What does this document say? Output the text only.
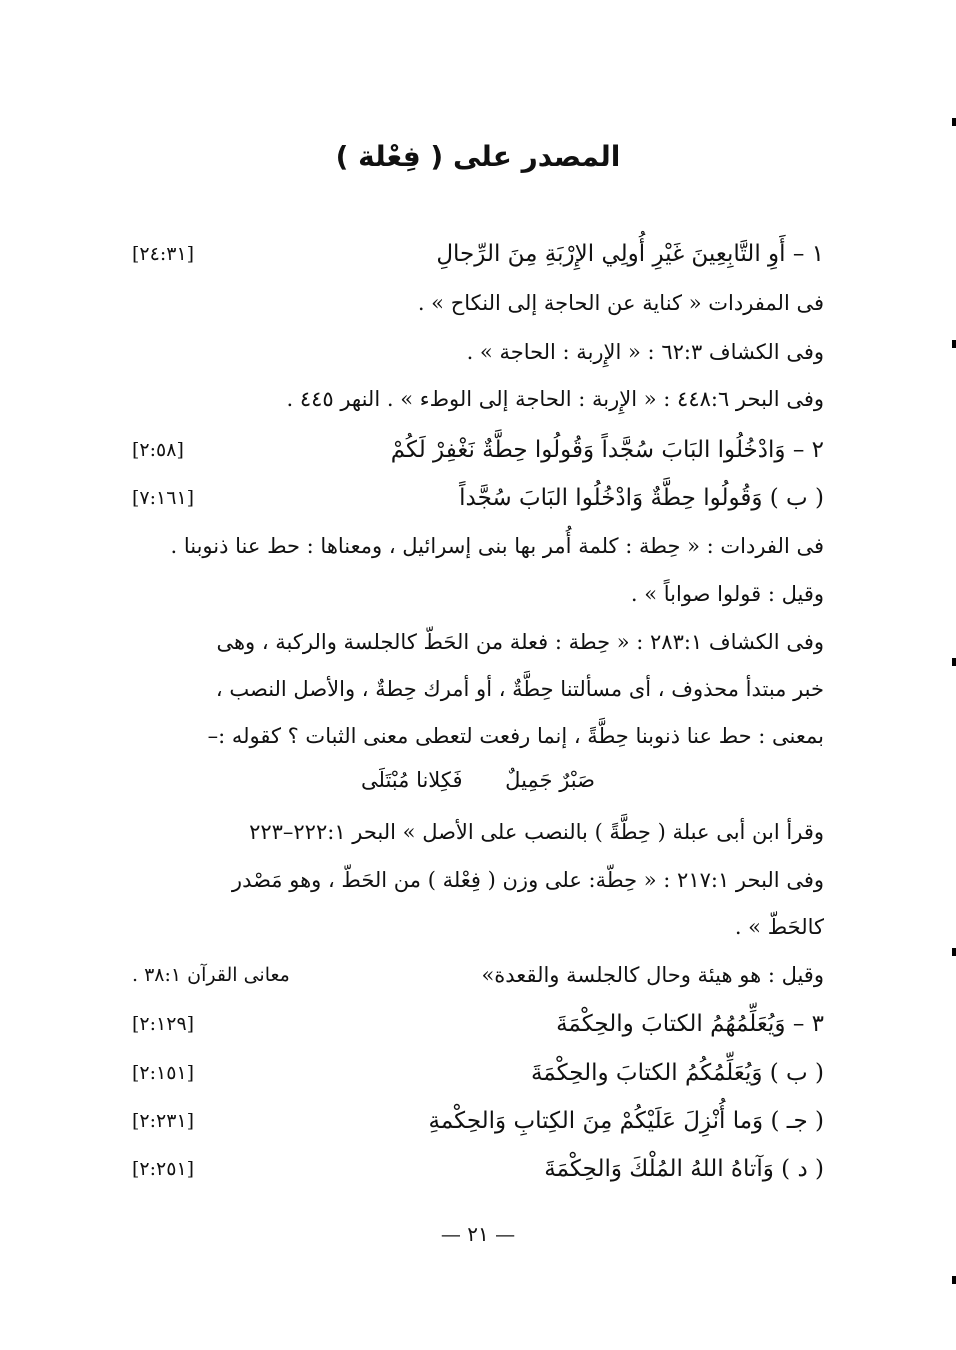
المصدر على ( فِعْلة )
١ – أَوِ التَّابِعِينَ غَيْرِ أُولِي الإِرْبَةِ مِنَ الرِّجالِ
[٢٤:٣١]
فى المفردات « كناية عن الحاجة إلى النكاح » .
وفى الكشاف ٦٢:٣ : « الإِربة : الحاجة » .
وفى البحر ٤٤٨:٦ : « الإِربة : الحاجة إلى الوطء » . النهر ٤٤٥ .
٢ – وَادْخُلُوا البَابَ سُجَّداً وَقُولُوا حِطَّةٌ نَغْفِرْ لَكُمْ
[٢:٥٨]
( ب ) وَقُولُوا حِطَّةٌ وَادْخُلُوا البَابَ سُجَّداً
[٧:١٦١]
فى الفردات : « حِطة : كلمة أُمر بها بنى إسرائيل ، ومعناها : حط عنا ذنوبنا .
وقيل : قولوا صواباً » .
وفى الكشاف ٢٨٣:١ : « حِطة : فعلة من الحَطّ كالجلسة والركبة ، وهى
خبر مبتدأ محذوف ، أى مسألتنا حِطَّةٌ ، أو أمرك حِطةٌ ، والأصل النصب ،
بمعنى : حط عنا ذنوبنا حِطَّةً ، إنما رفعت لتعطى معنى الثبات ؟ كقوله :–
صَبْرٌ جَمِيلٌ فَكِلانا مُبْتَلَى
وقرأ ابن أبى عبلة ( حِطَّةً ) بالنصب على الأصل » البحر ٢٢٢:١–٢٢٣
وفى البحر ٢١٧:١ : « حِطّة: على وزن ( فِعْلة ) من الحَطّ ، وهو مَصْدر
كالحَطّ » .
وقيل : هو هيئة وحال كالجلسة والقعدة»
معانى القرآن ٣٨:١ .
٣ – وَيُعَلِّمُهُمُ الكتابَ والحِكْمَةَ
[٢:١٢٩]
( ب ) وَيُعَلِّمُكُمُ الكتابَ والحِكْمَةَ
[٢:١٥١]
( جـ ) وَما أُنْزِلَ عَلَيْكُمْ مِنَ الكِتابِ وَالحِكْمةِ
[٢:٢٣١]
( د ) وَآتاهُ اللهُ المُلْكَ وَالحِكْمَةَ
[٢:٢٥١]
— ٢١ —
